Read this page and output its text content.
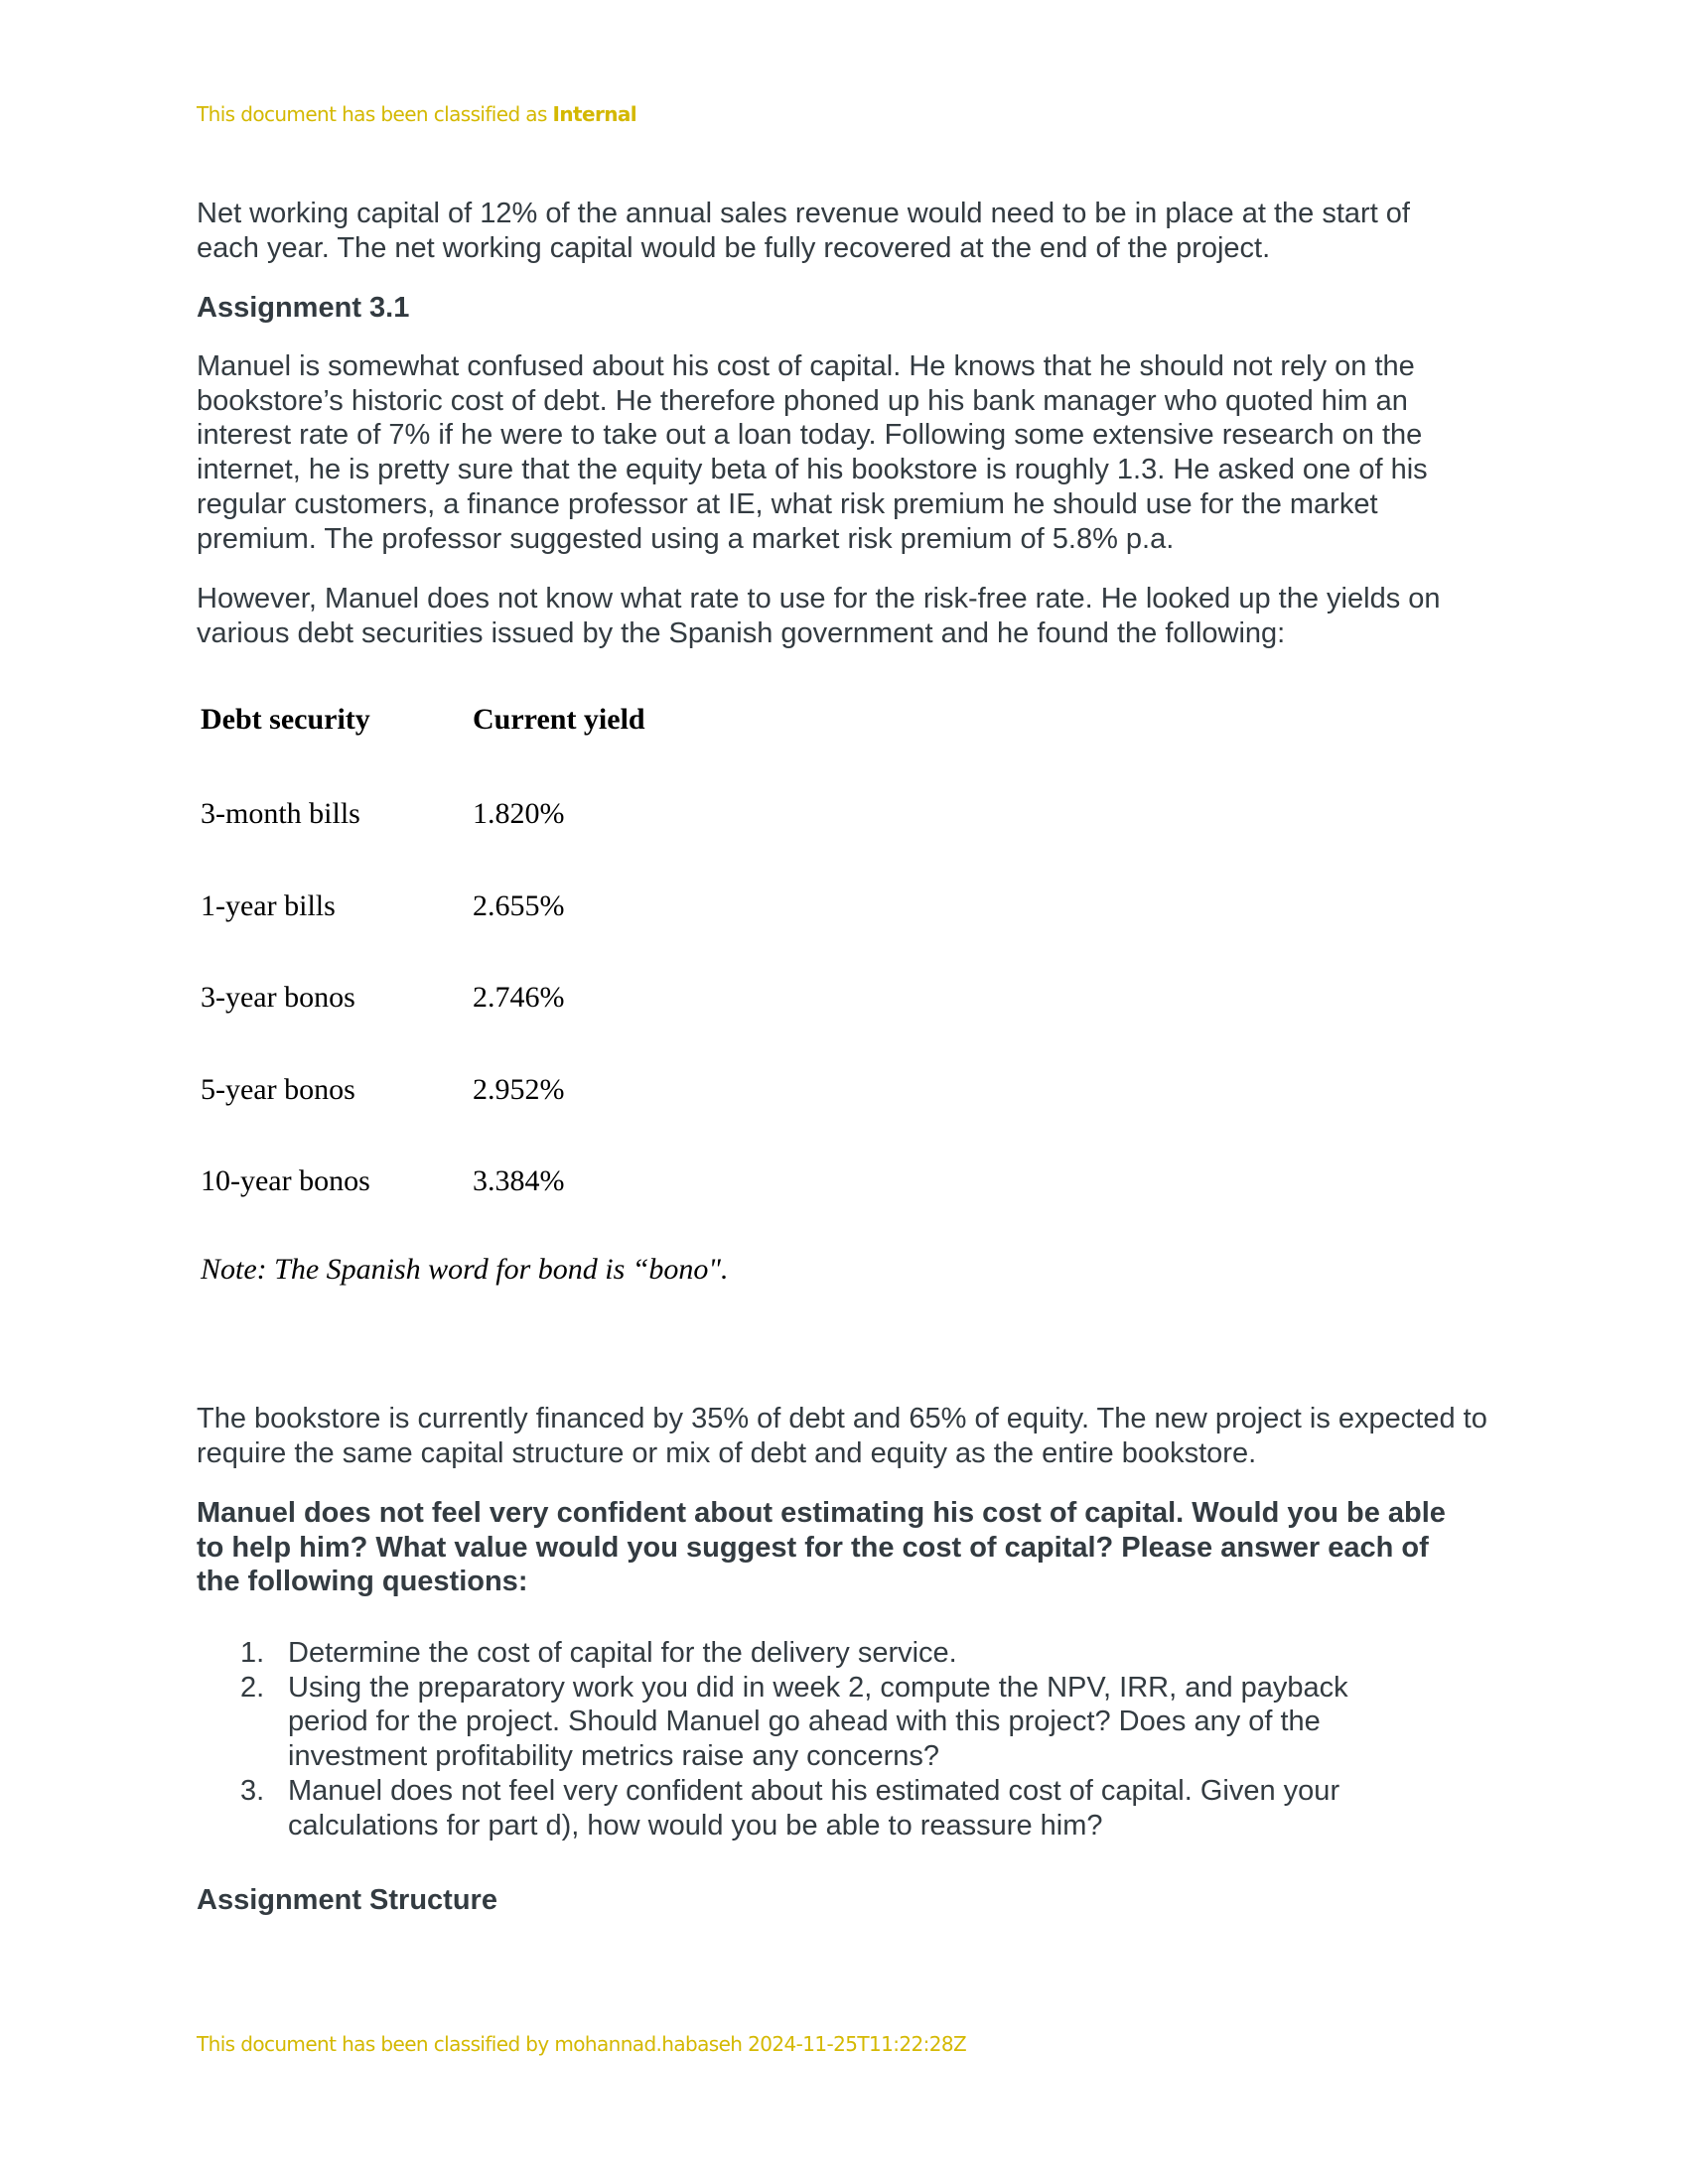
This document has been classified as Internal

Net working capital of 12% of the annual sales revenue would need to be in place at the start of each year. The net working capital would be fully recovered at the end of the project.

Assignment 3.1

Manuel is somewhat confused about his cost of capital. He knows that he should not rely on the bookstore’s historic cost of debt. He therefore phoned up his bank manager who quoted him an interest rate of 7% if he were to take out a loan today. Following some extensive research on the internet, he is pretty sure that the equity beta of his bookstore is roughly 1.3. He asked one of his regular customers, a finance professor at IE, what risk premium he should use for the market premium. The professor suggested using a market risk premium of 5.8% p.a.

However, Manuel does not know what rate to use for the risk-free rate. He looked up the yields on various debt securities issued by the Spanish government and he found the following:

Debt security	Current yield
3-month bills	1.820%
1-year bills	2.655%
3-year bonos	2.746%
5-year bonos	2.952%
10-year bonos	3.384%
Note: The Spanish word for bond is “bono".

The bookstore is currently financed by 35% of debt and 65% of equity. The new project is expected to require the same capital structure or mix of debt and equity as the entire bookstore.

Manuel does not feel very confident about estimating his cost of capital. Would you be able to help him? What value would you suggest for the cost of capital? Please answer each of the following questions:

1. Determine the cost of capital for the delivery service.
2. Using the preparatory work you did in week 2, compute the NPV, IRR, and payback period for the project. Should Manuel go ahead with this project? Does any of the investment profitability metrics raise any concerns?
3. Manuel does not feel very confident about his estimated cost of capital. Given your calculations for part d), how would you be able to reassure him?

Assignment Structure

This document has been classified by mohannad.habaseh 2024-11-25T11:22:28Z
